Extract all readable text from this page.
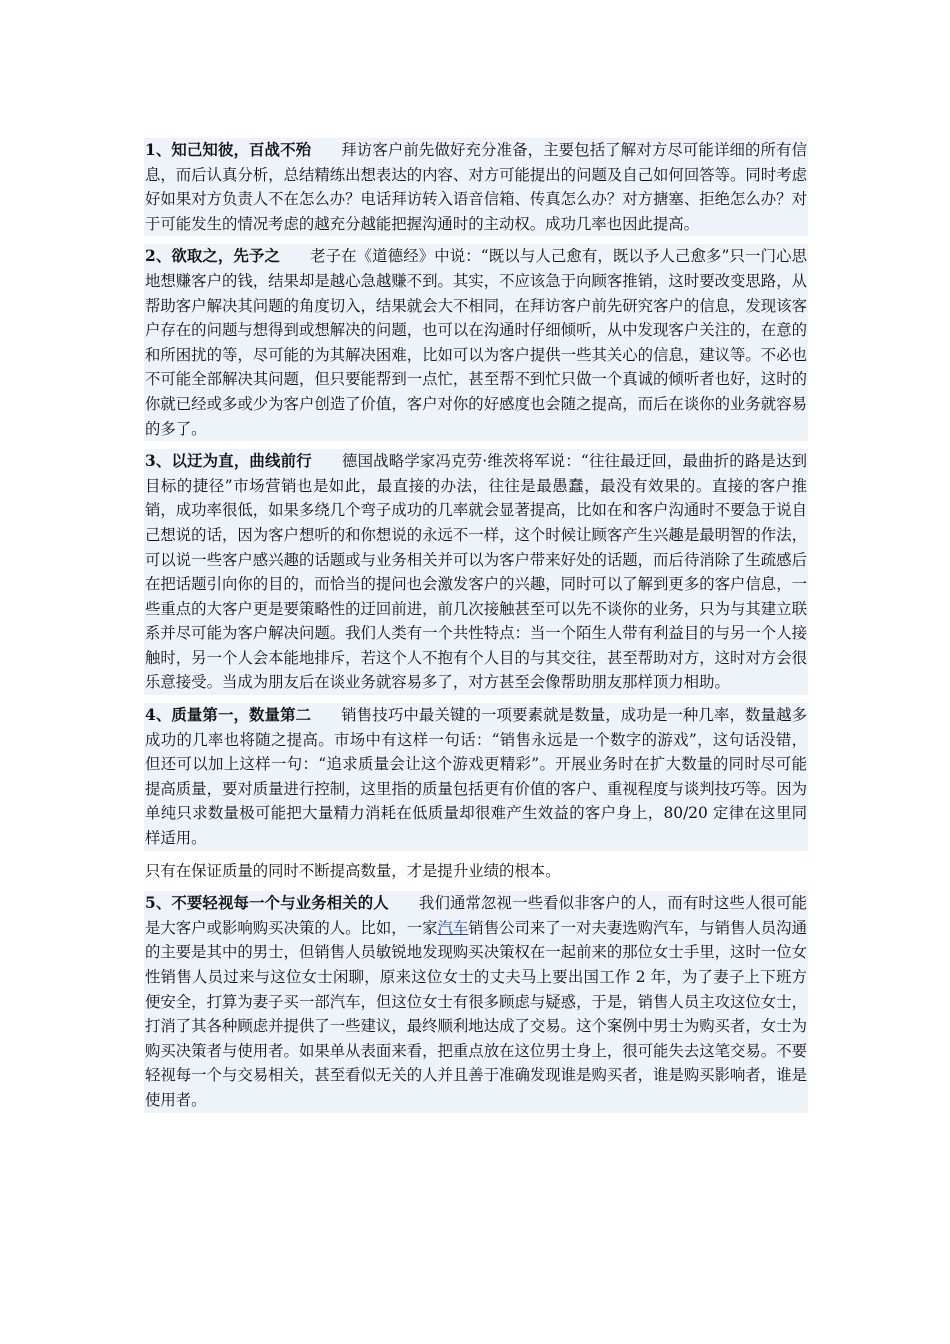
1、知己知彼，百战不殆 拜访客户前先做好充分准备，主要包括了解对方尽可能详细的所有信息，而后认真分析，总结精练出想表达的内容、对方可能提出的问题及自己如何回答等。同时考虑好如果对方负责人不在怎么办？电话拜访转入语音信箱、传真怎么办？对方搪塞、拒绝怎么办？对于可能发生的情况考虑的越充分越能把握沟通时的主动权。成功几率也因此提高。

2、欲取之，先予之 老子在《道德经》中说：“既以与人己愈有，既以予人己愈多”只一门心思地想赚客户的钱，结果却是越心急越赚不到。其实，不应该急于向顾客推销，这时要改变思路，从帮助客户解决其问题的角度切入，结果就会大不相同，在拜访客户前先研究客户的信息，发现该客户存在的问题与想得到或想解决的问题，也可以在沟通时仔细倾听，从中发现客户关注的，在意的和所困扰的等，尽可能的为其解决困难，比如可以为客户提供一些其关心的信息，建议等。不必也不可能全部解决其问题，但只要能帮到一点忙，甚至帮不到忙只做一个真诚的倾听者也好，这时的你就已经或多或少为客户创造了价值，客户对你的好感度也会随之提高，而后在谈你的业务就容易的多了。

3、以迂为直，曲线前行 德国战略学家冯克劳·维茨将军说：“往往最迂回，最曲折的路是达到目标的捷径”市场营销也是如此，最直接的办法，往往是最愚蠢，最没有效果的。直接的客户推销，成功率很低，如果多绕几个弯子成功的几率就会显著提高，比如在和客户沟通时不要急于说自己想说的话，因为客户想听的和你想说的永远不一样，这个时候让顾客产生兴趣是最明智的作法，可以说一些客户感兴趣的话题或与业务相关并可以为客户带来好处的话题，而后待消除了生疏感后在把话题引向你的目的，而恰当的提问也会激发客户的兴趣，同时可以了解到更多的客户信息，一些重点的大客户更是要策略性的迂回前进，前几次接触甚至可以先不谈你的业务，只为与其建立联系并尽可能为客户解决问题。我们人类有一个共性特点：当一个陌生人带有利益目的与另一个人接触时，另一个人会本能地排斥，若这个人不抱有个人目的与其交往，甚至帮助对方，这时对方会很乐意接受。当成为朋友后在谈业务就容易多了，对方甚至会像帮助朋友那样顶力相助。

4、质量第一，数量第二 销售技巧中最关键的一项要素就是数量，成功是一种几率，数量越多成功的几率也将随之提高。市场中有这样一句话：“销售永远是一个数字的游戏”，这句话没错，但还可以加上这样一句：“追求质量会让这个游戏更精彩”。开展业务时在扩大数量的同时尽可能提高质量，要对质量进行控制，这里指的质量包括更有价值的客户、重视程度与谈判技巧等。因为单纯只求数量极可能把大量精力消耗在低质量却很难产生效益的客户身上，80/20 定律在这里同样适用。

只有在保证质量的同时不断提高数量，才是提升业绩的根本。

5、不要轻视每一个与业务相关的人 我们通常忽视一些看似非客户的人，而有时这些人很可能是大客户或影响购买决策的人。比如，一家汽车销售公司来了一对夫妻选购汽车，与销售人员沟通的主要是其中的男士，但销售人员敏锐地发现购买决策权在一起前来的那位女士手里，这时一位女性销售人员过来与这位女士闲聊，原来这位女士的丈夫马上要出国工作 2 年，为了妻子上下班方便安全，打算为妻子买一部汽车，但这位女士有很多顾虑与疑惑，于是，销售人员主攻这位女士，打消了其各种顾虑并提供了一些建议，最终顺利地达成了交易。这个案例中男士为购买者，女士为购买决策者与使用者。如果单从表面来看，把重点放在这位男士身上，很可能失去这笔交易。不要轻视每一个与交易相关，甚至看似无关的人并且善于准确发现谁是购买者，谁是购买影响者，谁是使用者。
